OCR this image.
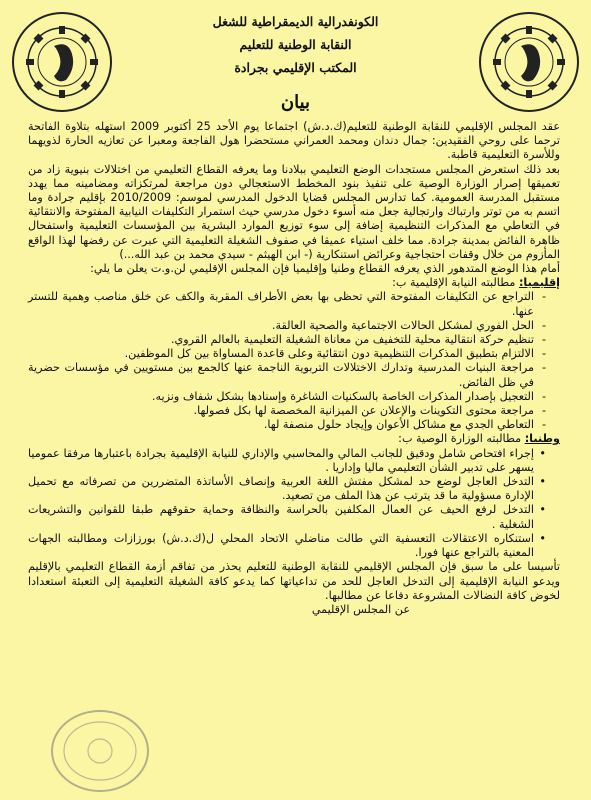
الكونفدرالية الديمقراطية للشغل
النقابة الوطنية للتعليم
المكتب الإقليمي بجرادة
بيان

عقد المجلس الإقليمي للنقابة الوطنية للتعليم(ك.د.ش) اجتماعا يوم الأحد 25 أكتوبر 2009 استهله بتلاوة الفاتحة ترحما على روحي الفقيدين: جمال دندان ومحمد العمراني مستحضرا هول الفاجعة ومعبرا عن تعازيه الحارة لذويهما وللأسرة التعليمية قاطبة.

بعد ذلك استعرض المجلس مستجدات الوضع التعليمي ببلادنا وما يعرفه القطاع التعليمي من اختلالات بنيوية زاد من تعميقها إصرار الوزارة الوصية على تنفيذ بنود المخطط الاستعجالي دون مراجعة لمرتكزاته ومضامينه مما يهدد مستقبل المدرسة العمومية. كما تدارس المجلس قضايا الدخول المدرسي لموسم: 2010/2009 بإقليم جرادة وما اتسم به من توتر وارتباك وارتجالية جعل منه أسوء دخول مدرسي حيث استمرار التكليفات النيابية المفتوحة والانتقائية في التعاطي مع المذكرات التنظيمية إضافة إلى سوء توزيع الموارد البشرية بين المؤسسات التعليمية واستفحال ظاهرة الفائض بمدينة جرادة. مما خلف استياء عميقا في صفوف الشغيلة التعليمية التي عبرت عن رفضها لهذا الواقع المأزوم من خلال وقفات احتجاجية وعرائض استنكارية (- ابن الهيثم - سيدي محمد بن عبد الله...)

أمام هذا الوضع المتدهور الذي يعرفه القطاع وطنيا وإقليميا فإن المجلس الإقليمي لن.و.ت يعلن ما يلي:

إقليميا: مطالبته النيابة الإقليمية ب:

- التراجع عن التكليفات المفتوحة التي تحظى بها بعض الأطراف المقربة والكف عن خلق مناصب وهمية للتستر عنها.
- الحل الفوري لمشكل الحالات الاجتماعية والصحية العالقة.
- تنظيم حركة انتقالية محلية للتخفيف من معاناة الشغيلة التعليمية بالعالم القروي.
- الالتزام بتطبيق المذكرات التنظيمية دون انتقائية وعلى قاعدة المساواة بين كل الموظفين.
- مراجعة البنيات المدرسية وتدارك الاختلالات التربوية الناجمة عنها كالجمع بين مستويين في مؤسسات حضرية في ظل الفائض.
- التعجيل بإصدار المذكرات الخاصة بالسكنيات الشاغرة وإسنادها بشكل شفاف ونزيه.
- مراجعة محتوى التكوينات والإعلان عن الميزانية المخصصة لها بكل فصولها.
- التعاطي الجدي مع مشاكل الأعوان وإيجاد حلول منصفة لها.

وطنيا: مطالبته الوزارة الوصية ب:

• إجراء افتحاص شامل ودقيق للجانب المالي والمحاسبي والإداري للنيابة الإقليمية بجرادة باعتبارها مرفقا عموميا يسهر على تدبير الشأن التعليمي ماليا وإداريا .
• التدخل العاجل لوضع حد لمشكل مفتش اللغة العربية وإنصاف الأساتذة المتضررين من تصرفاته مع تحميل الإدارة مسؤولية ما قد يترتب عن هذا الملف من تصعيد.
• التدخل لرفع الحيف عن العمال المكلفين بالحراسة والنظافة وحماية حقوقهم طبقا للقوانين والتشريعات الشغلية .
• استنكاره الاعتقالات التعسفية التي طالت مناضلي الاتحاد المحلي ل(ك.د.ش) بورزازات ومطالبته الجهات المعنية بالتراجع عنها فورا.

تأسيسا على ما سبق فإن المجلس الإقليمي للنقابة الوطنية للتعليم يحذر من تفاقم أزمة القطاع التعليمي بالإقليم ويدعو النيابة الإقليمية إلى التدخل العاجل للحد من تداعياتها كما يدعو كافة الشغيلة التعليمية إلى التعبئة استعدادا لخوض كافة النضالات المشروعة دفاعا عن مطالبها.

عن المجلس الإقليمي
